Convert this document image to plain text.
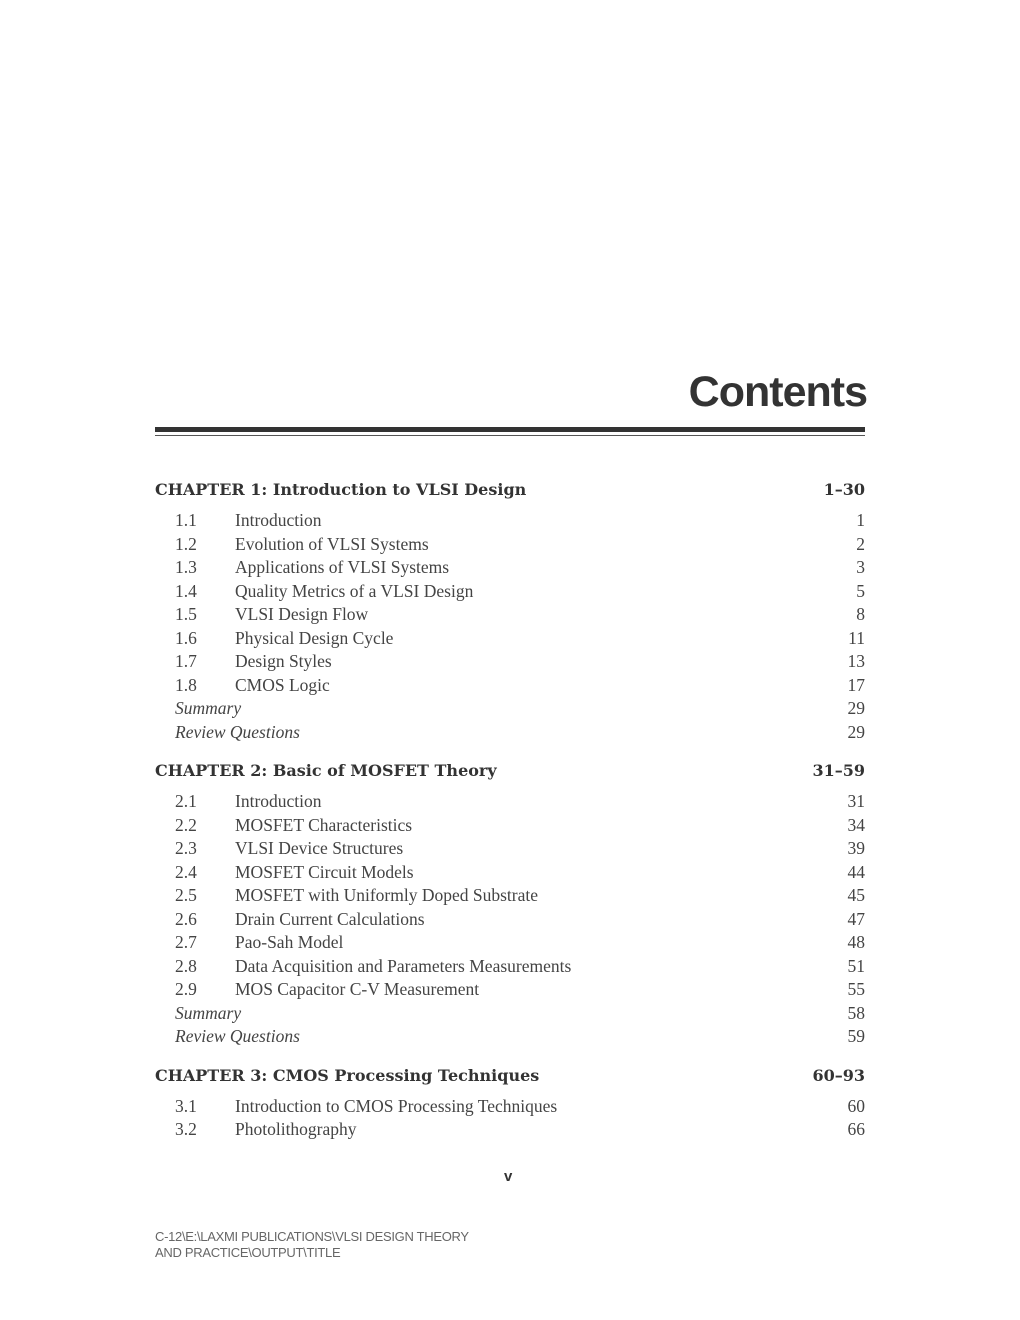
Contents
CHAPTER 1: Introduction to VLSI Design	1–30
1.1	Introduction	1
1.2	Evolution of VLSI Systems	2
1.3	Applications of VLSI Systems	3
1.4	Quality Metrics of a VLSI Design	5
1.5	VLSI Design Flow	8
1.6	Physical Design Cycle	11
1.7	Design Styles	13
1.8	CMOS Logic	17
Summary	29
Review Questions	29
CHAPTER 2: Basic of MOSFET Theory	31–59
2.1	Introduction	31
2.2	MOSFET Characteristics	34
2.3	VLSI Device Structures	39
2.4	MOSFET Circuit Models	44
2.5	MOSFET with Uniformly Doped Substrate	45
2.6	Drain Current Calculations	47
2.7	Pao-Sah Model	48
2.8	Data Acquisition and Parameters Measurements	51
2.9	MOS Capacitor C-V Measurement	55
Summary	58
Review Questions	59
CHAPTER 3: CMOS Processing Techniques	60–93
3.1	Introduction to CMOS Processing Techniques	60
3.2	Photolithography	66
v
C-12\E:\LAXMI PUBLICATIONS\VLSI DESIGN THEORY
AND PRACTICE\OUTPUT\TITLE
